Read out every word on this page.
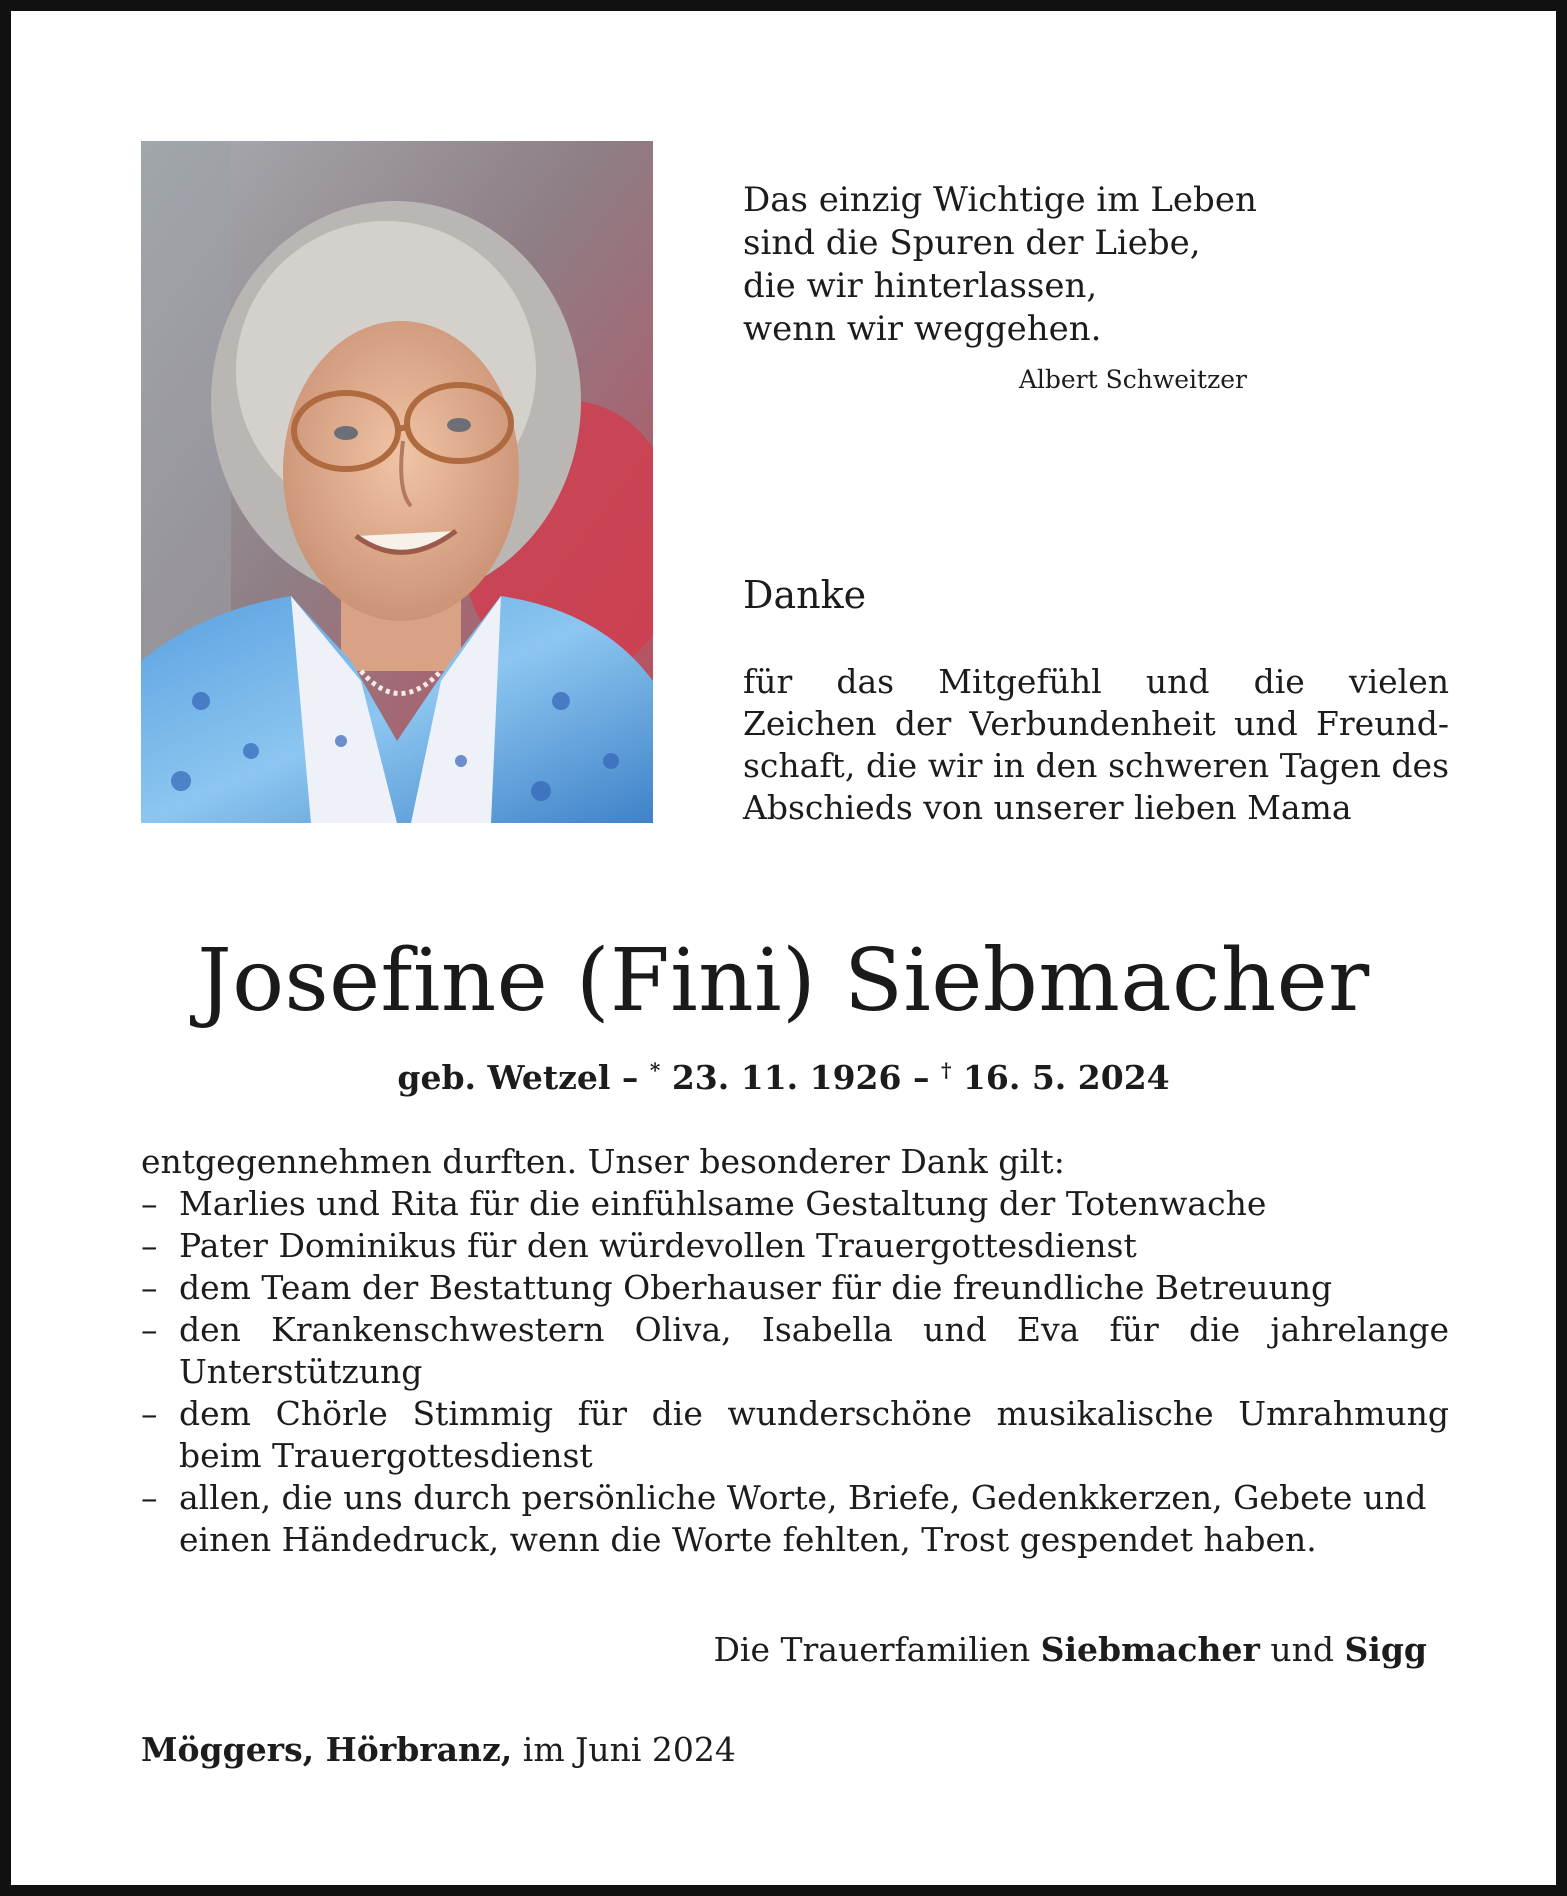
Das einzig Wichtige im Leben
sind die Spuren der Liebe,
die wir hinterlassen,
wenn wir weggehen.
Albert Schweitzer
Danke

für das Mitgefühl und die vielen
Zeichen der Verbundenheit und Freund-
schaft, die wir in den schweren Tagen des
Abschieds von unserer lieben Mama

Josefine (Fini) Siebmacher
geb. Wetzel – * 23. 11. 1926 – † 16. 5. 2024
entgegennehmen durften. Unser besonderer Dank gilt:
– Marlies und Rita für die einfühlsame Gestaltung der Totenwache
– Pater Dominikus für den würdevollen Trauergottesdienst
– dem Team der Bestattung Oberhauser für die freundliche Betreuung
– den Krankenschwestern Oliva, Isabella und Eva für die jahrelange
Unterstützung
– dem Chörle Stimmig für die wunderschöne musikalische Umrahmung
beim Trauergottesdienst
– allen, die uns durch persönliche Worte, Briefe, Gedenkkerzen, Gebete und
einen Händedruck, wenn die Worte fehlten, Trost gespendet haben.
Die Trauerfamilien Siebmacher und Sigg
Möggers, Hörbranz, im Juni 2024
